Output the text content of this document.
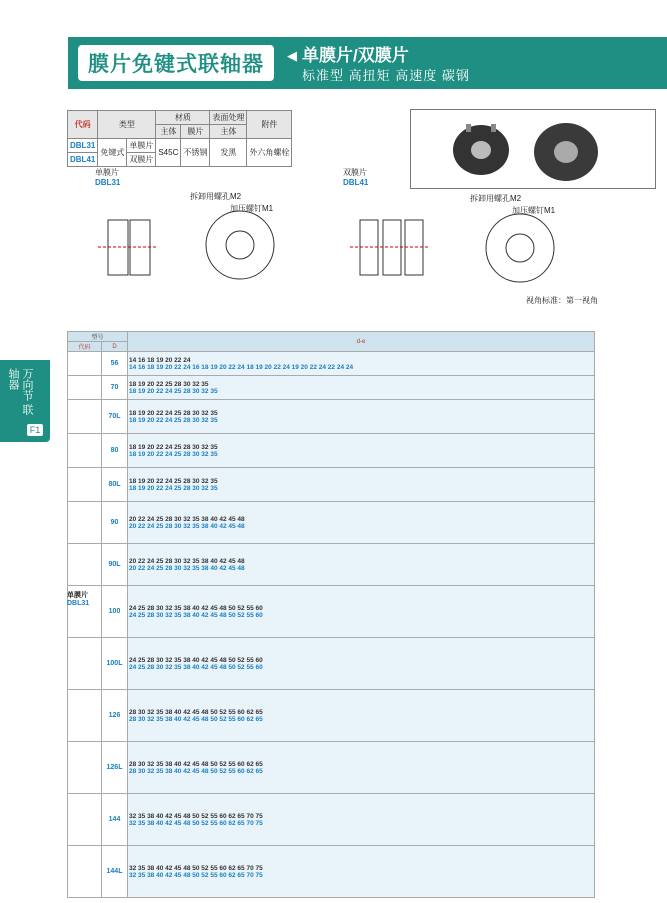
膜片免键式联轴器	◀ 单膜片/双膜片
标准型 高扭矩 高速度 碳钢
万向节 联轴器
F1
代码	类型		材质		表面处理	附件
			主体	膜片	主体	
DBL31	免键式	单膜片	S45C	不锈钢	发黑	外六角螺栓
DBL41		双膜片				
单膜片
DBL31
双膜片
DBL41
拆卸用螺孔M2
加压螺钉M1
拆卸用螺孔M2
加压螺钉M1
视角标准：第一视角
型号		d-e
代码	D	
	56	14 16 18 19 20 22 24
14 16 18 19 20 22 24 16 18 19 20 22 24 18 19 20 22 24 19 20 22 24 22 24 24

	70	18 19 20 22 25 28 30 32 35
18 19 20 22 24 25 28 30 32 35

	70L	18 19 20 22 24 25 28 30 32 35
18 19 20 22 24 25 28 30 32 35

	80	18 19 20 22 24 25 28 30 32 35
18 19 20 22 24 25 28 30 32 35

	80L	18 19 20 22 24 25 28 30 32 35
18 19 20 22 24 25 28 30 32 35

	90	20 22 24 25 28 30 32 35 38 40 42 45 48
20 22 24 25 28 30 32 35 38 40 42 45 48

	90L	20 22 24 25 28 30 32 35 38 40 42 45 48
20 22 24 25 28 30 32 35 38 40 42 45 48

	100	24 25 28 30 32 35 38 40 42 45 48 50 52 55 60
24 25 28 30 32 35 38 40 42 45 48 50 52 55 60

	100L	24 25 28 30 32 35 38 40 42 45 48 50 52 55 60
24 25 28 30 32 35 38 40 42 45 48 50 52 55 60

	126	28 30 32 35 38 40 42 45 48 50 52 55 60 62 65
28 30 32 35 38 40 42 45 48 50 52 55 60 62 65

	126L	28 30 32 35 38 40 42 45 48 50 52 55 60 62 65
28 30 32 35 38 40 42 45 48 50 52 55 60 62 65

	144	32 35 38 40 42 45 48 50 52 55 60 62 65 70 75
32 35 38 40 42 45 48 50 52 55 60 62 65 70 75

	144L	32 35 38 40 42 45 48 50 52 55 60 62 65 70 75
32 35 38 40 42 45 48 50 52 55 60 62 65 70 75
单膜片
DBL31
